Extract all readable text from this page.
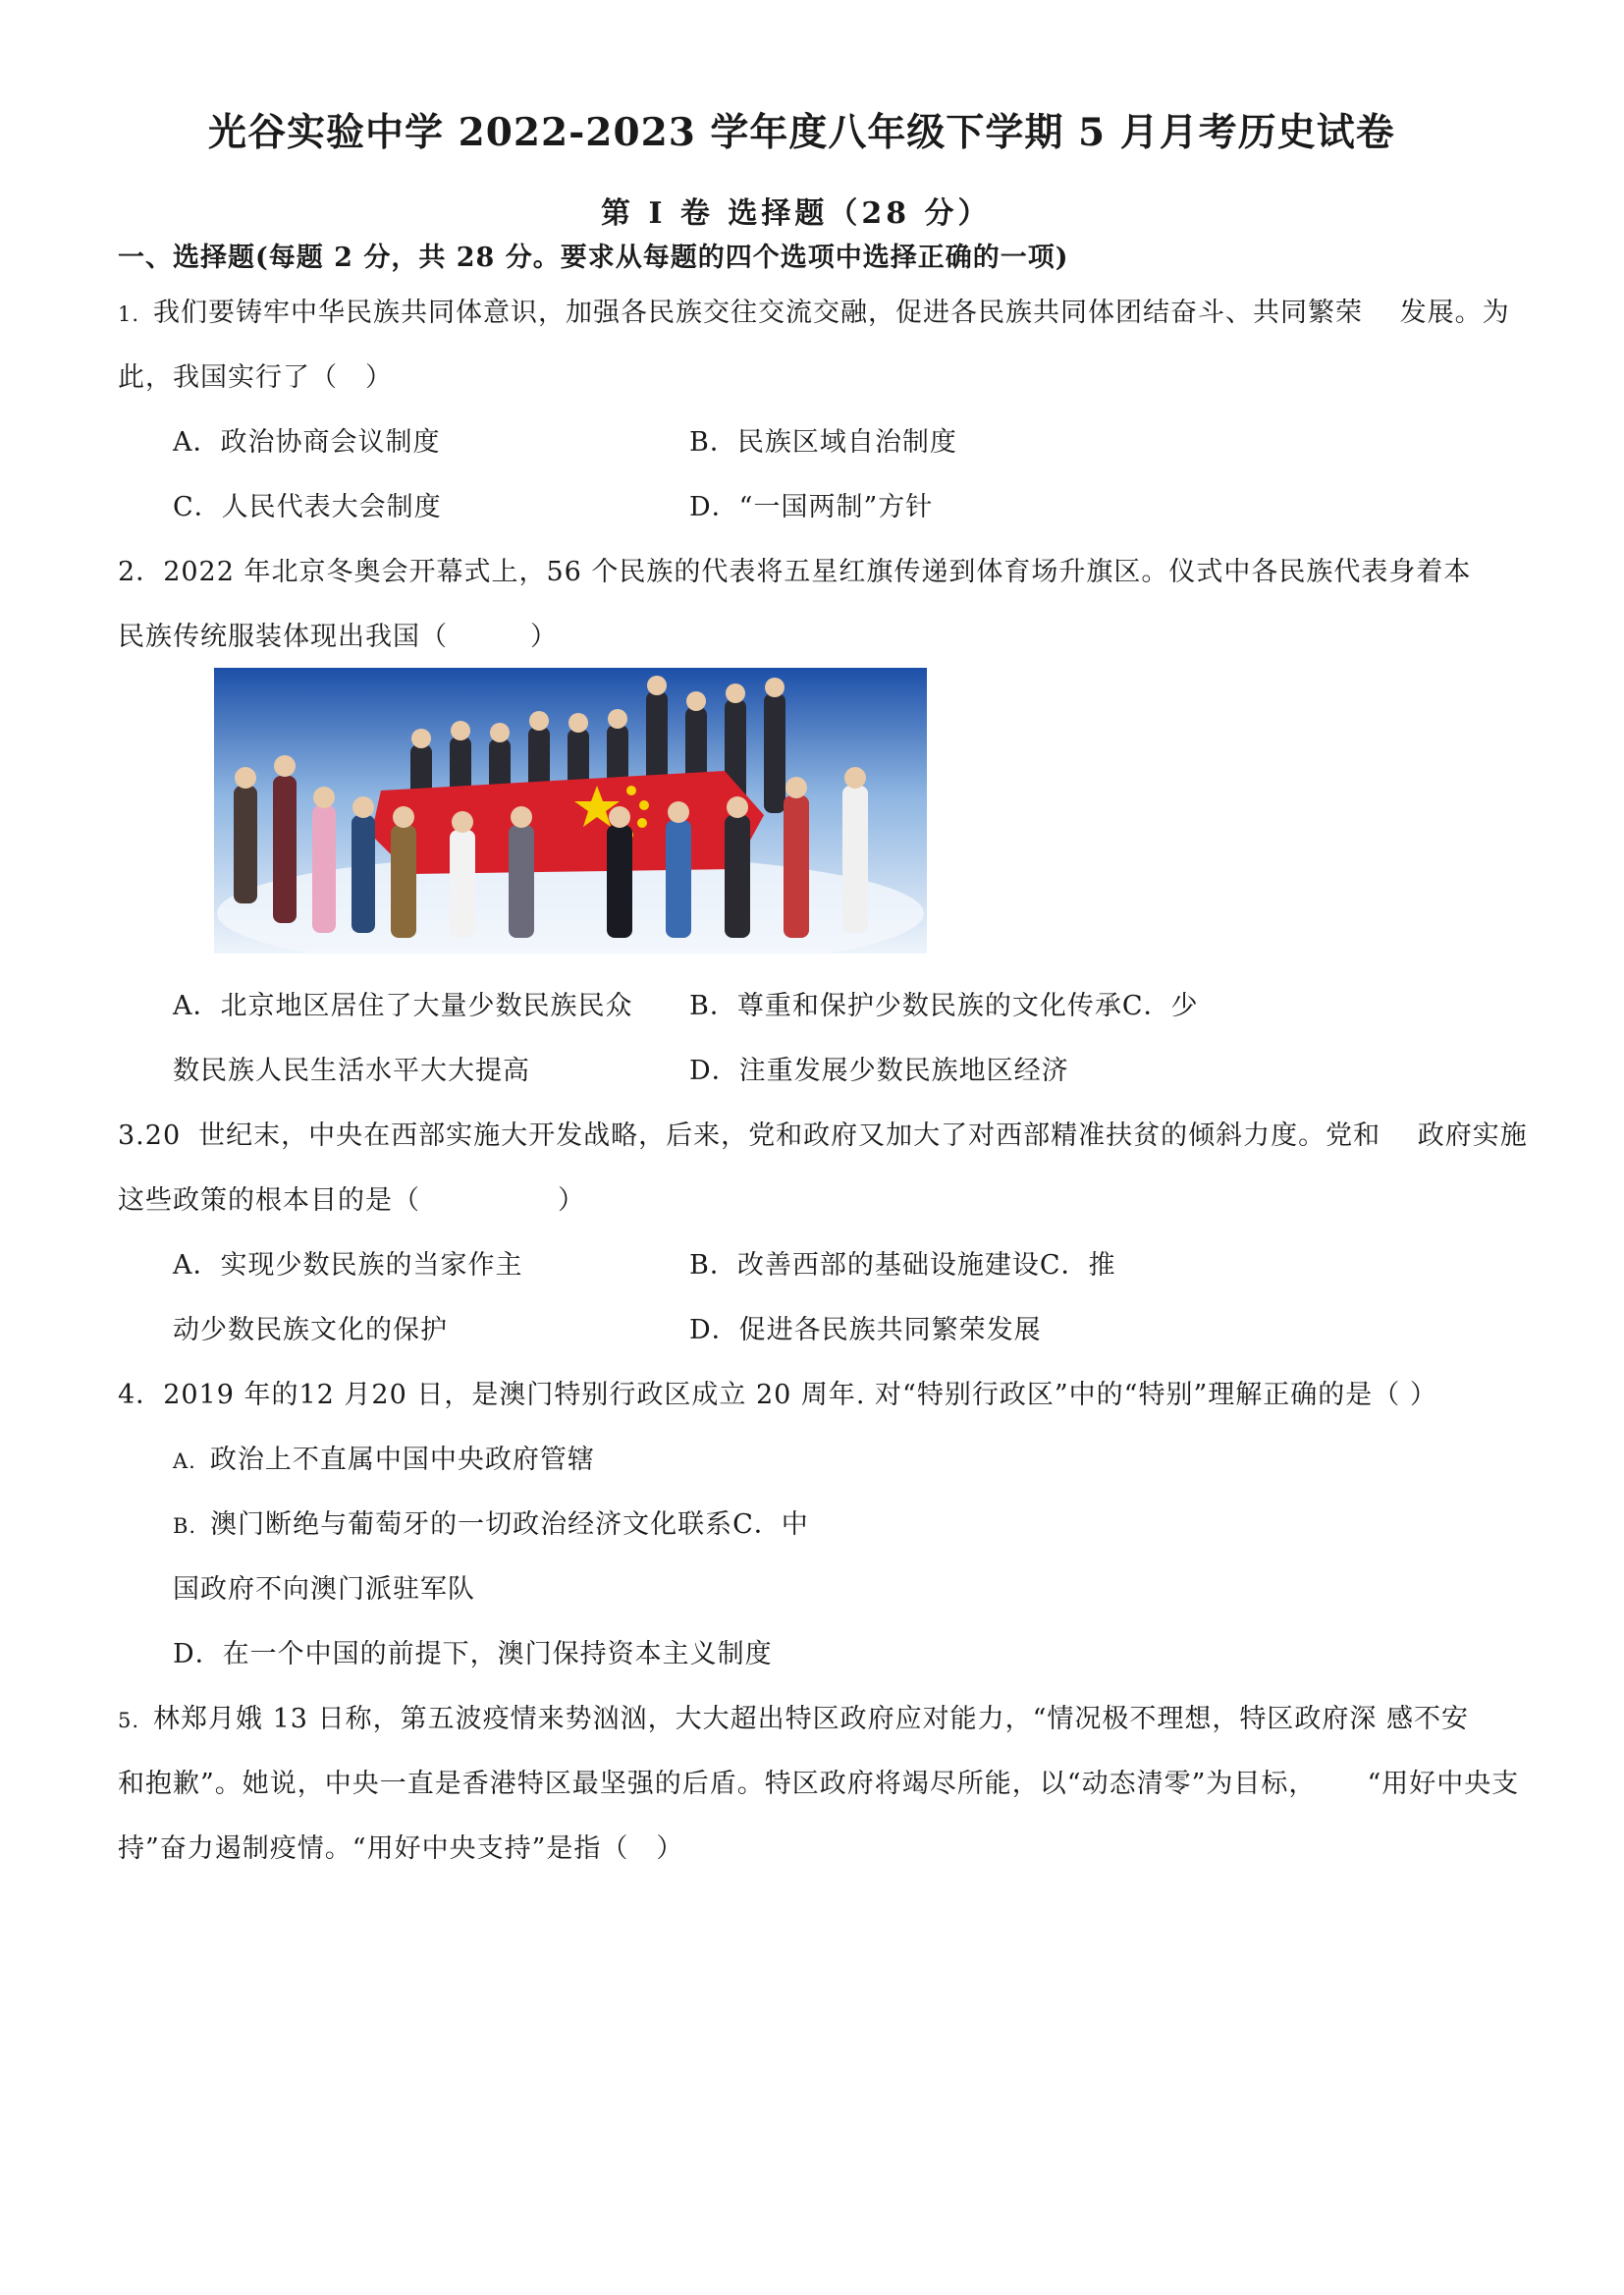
光谷实验中学 2022-2023 学年度八年级下学期 5 月月考历史试卷
第 I 卷 选择题（28 分）
一、选择题(每题 2 分，共 28 分。要求从每题的四个选项中选择正确的一项)
1. 我们要铸牢中华民族共同体意识，加强各民族交往交流交融，促进各民族共同体团结奋斗、共同繁荣　 发展。为
此，我国实行了（　）
A．政治协商会议制度	B．民族区域自治制度
C．人民代表大会制度	D．“一国两制”方针
2．2022 年北京冬奥会开幕式上，56 个民族的代表将五星红旗传递到体育场升旗区。仪式中各民族代表身着本
民族传统服装体现出我国（　　　）
A．北京地区居住了大量少数民族民众 B．尊重和保护少数民族的文化传承C．少
数民族人民生活水平大大提高	D．注重发展少数民族地区经济
3.20 世纪末，中央在西部实施大开发战略，后来，党和政府又加大了对西部精准扶贫的倾斜力度。党和　 政府实施
这些政策的根本目的是（　　　　　）
A．实现少数民族的当家作主	B．改善西部的基础设施建设C．推
动少数民族文化的保护	D．促进各民族共同繁荣发展
4．2019 年的12 月20 日，是澳门特别行政区成立 20 周年. 对“特别行政区”中的“特别”理解正确的是（ ）
A. 政治上不直属中国中央政府管辖
B. 澳门断绝与葡萄牙的一切政治经济文化联系C．中
国政府不向澳门派驻军队
D．在一个中国的前提下，澳门保持资本主义制度
5. 林郑月娥 13 日称，第五波疫情来势汹汹，大大超出特区政府应对能力，“情况极不理想，特区政府深 感不安
和抱歉”。她说，中央一直是香港特区最坚强的后盾。特区政府将竭尽所能，以“动态清零”为目标，　　 “用好中央支
持”奋力遏制疫情。“用好中央支持”是指（　）
